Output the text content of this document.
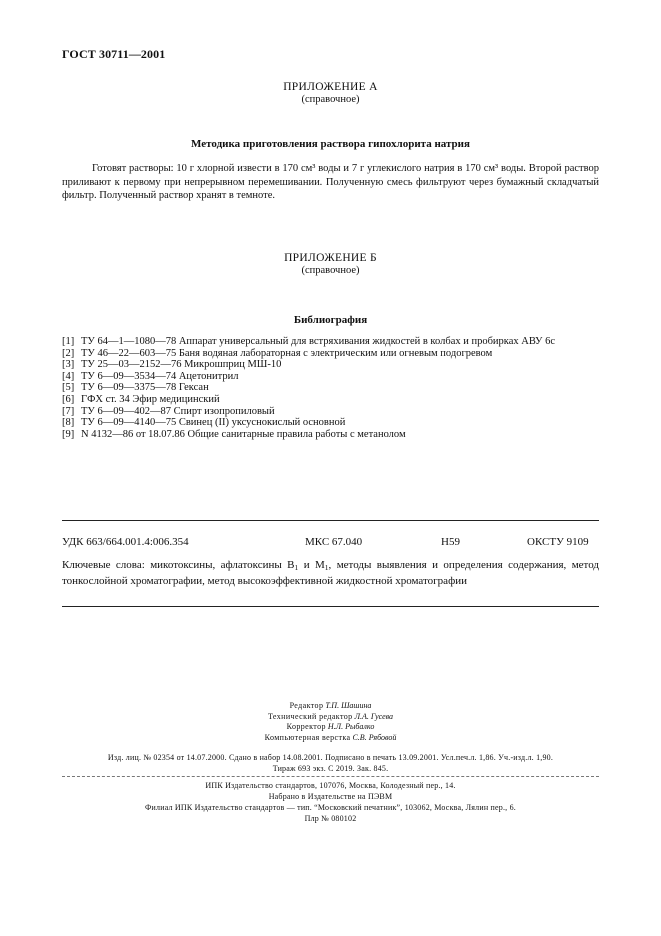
ГОСТ 30711—2001
ПРИЛОЖЕНИЕ А
(справочное)
Методика приготовления раствора гипохлорита натрия
Готовят растворы: 10 г хлорной извести в 170 см³ воды и 7 г углекислого натрия в 170 см³ воды. Второй раствор приливают к первому при непрерывном перемешивании. Полученную смесь фильтруют через бумажный складчатый фильтр. Полученный раствор хранят в темноте.
ПРИЛОЖЕНИЕ Б
(справочное)
Библиография
[1] ТУ 64—1—1080—78 Аппарат универсальный для встряхивания жидкостей в колбах и пробирках АВУ 6с
[2] ТУ 46—22—603—75 Баня водяная лабораторная с электрическим или огневым подогревом
[3] ТУ 25—03—2152—76 Микрошприц МШ-10
[4] ТУ 6—09—3534—74 Ацетонитрил
[5] ТУ 6—09—3375—78 Гексан
[6] ГФХ ст. 34 Эфир медицинский
[7] ТУ 6—09—402—87 Спирт изопропиловый
[8] ТУ 6—09—4140—75 Свинец (II) уксуснокислый основной
[9] N 4132—86 от 18.07.86 Общие санитарные правила работы с метанолом
УДК 663/664.001.4:006.354	МКС 67.040	Н59	ОКСТУ 9109
Ключевые слова: микотоксины, афлатоксины B1 и M1, методы выявления и определения содержания, метод тонкослойной хроматографии, метод высокоэффективной жидкостной хроматографии
Редактор Т.П. Шашина
Технический редактор Л.А. Гусева
Корректор Н.Л. Рыбалко
Компьютерная верстка С.В. Рябовой
Изд. лиц. № 02354 от 14.07.2000. Сдано в набор 14.08.2001. Подписано в печать 13.09.2001. Усл.печ.л. 1,86. Уч.-изд.л. 1,90.
Тираж 693 экз. С 2019. Зак. 845.
ИПК Издательство стандартов, 107076, Москва, Колодезный пер., 14.
Набрано в Издательстве на ПЭВМ
Филиал ИПК Издательство стандартов — тип. “Московский печатник”, 103062, Москва, Лялин пер., 6.
Плр № 080102
